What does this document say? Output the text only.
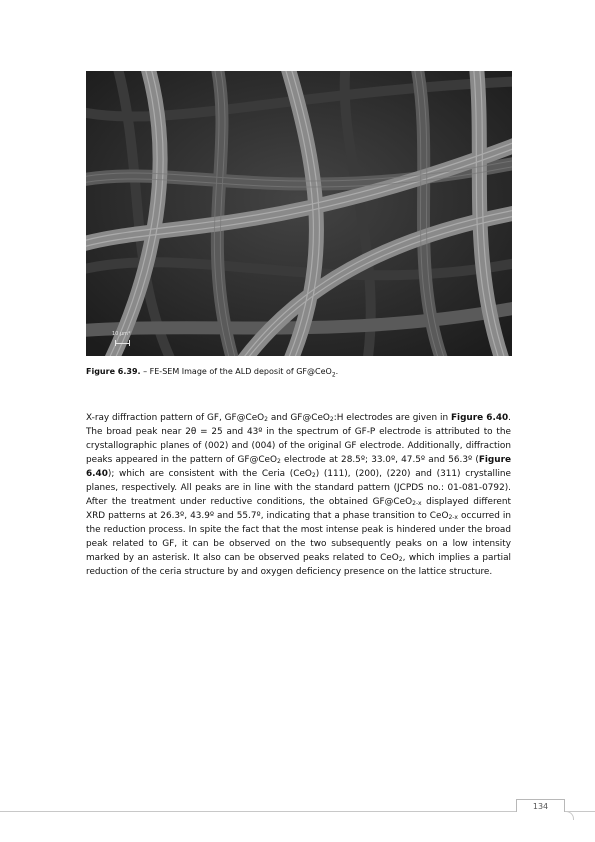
10 µm*
Figure 6.39. – FE-SEM Image of the ALD deposit of GF@CeO$_2$.

X-ray diffraction pattern of GF, GF@CeO$_2$ and GF@CeO$_2$:H electrodes are given in Figure 6.40. The broad peak near 2θ = 25 and 43º in the spectrum of GF-P electrode is attributed to the crystallographic planes of (002) and (004) of the original GF electrode. Additionally, diffraction peaks appeared in the pattern of GF@CeO$_2$ electrode at 28.5º; 33.0º, 47.5º and 56.3º (Figure 6.40); which are consistent with the Ceria (CeO$_2$) (111), (200), (220) and (311) crystalline planes, respectively. All peaks are in line with the standard pattern (JCPDS no.: 01-081-0792). After the treatment under reductive conditions, the obtained GF@CeO$_{2-x}$ displayed different XRD patterns at 26.3º, 43.9º and 55.7º, indicating that a phase transition to CeO$_{2-x}$ occurred in the reduction process. In spite the fact that the most intense peak is hindered under the broad peak related to GF, it can be observed on the two subsequently peaks on a low intensity marked by an asterisk. It also can be observed peaks related to CeO$_2$, which implies a partial reduction of the ceria structure by and oxygen deficiency presence on the lattice structure.

134
